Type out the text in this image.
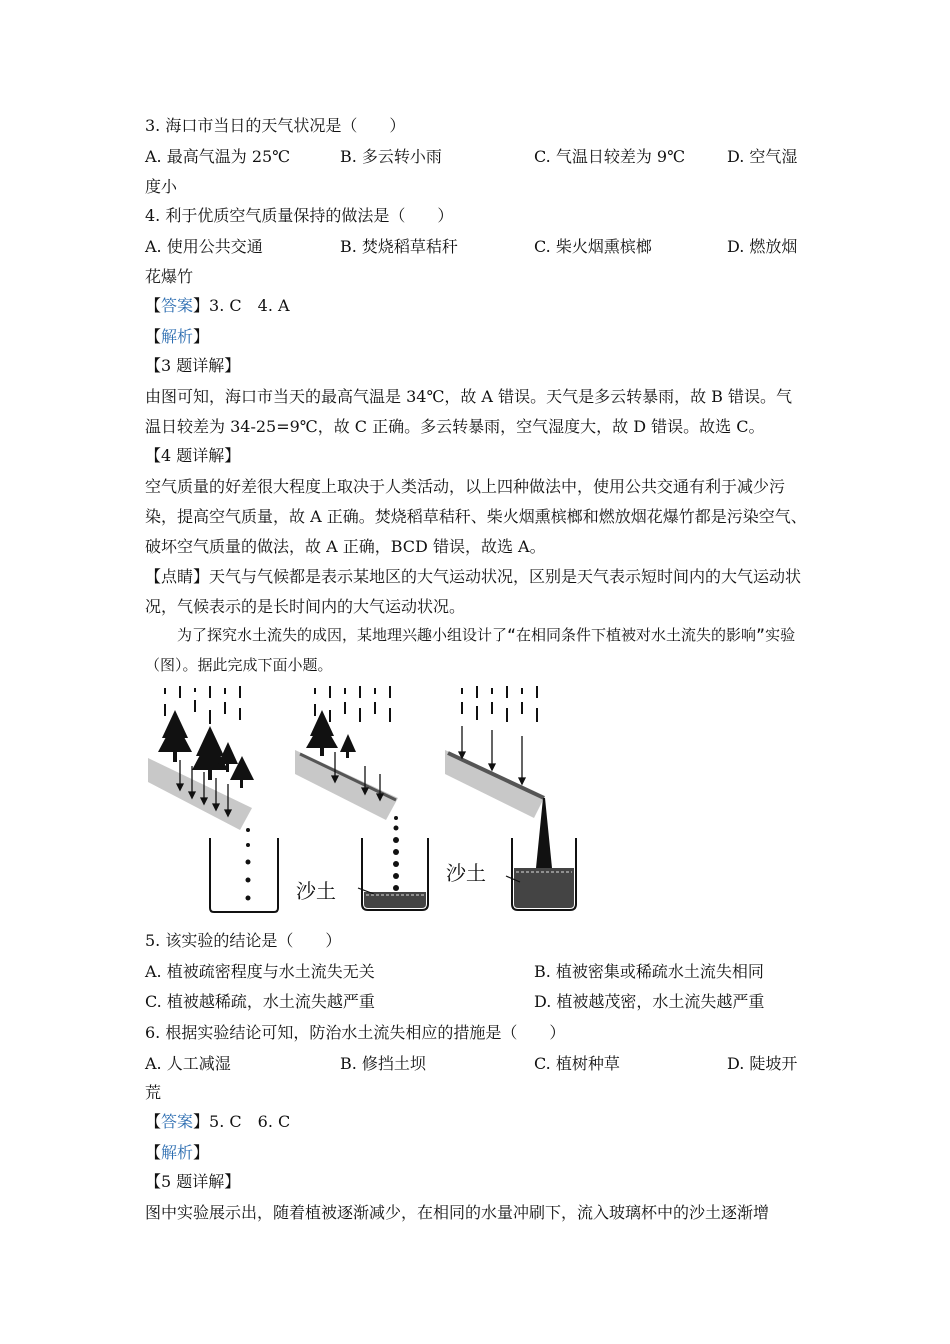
3. 海口市当日的天气状况是（　　）
A. 最高气温为 25℃	B. 多云转小雨	C. 气温日较差为 9℃	D. 空气湿
度小
4. 利于优质空气质量保持的做法是（　　）
A. 使用公共交通	B. 焚烧稻草秸秆	C. 柴火烟熏槟榔	D. 燃放烟
花爆竹
【答案】3. C　4. A
【解析】
【3 题详解】
由图可知，海口市当天的最高气温是 34℃，故 A 错误。天气是多云转暴雨，故 B 错误。气温日较差为 34-25=9℃，故 C 正确。多云转暴雨，空气湿度大，故 D 错误。故选 C。
【4 题详解】
空气质量的好差很大程度上取决于人类活动，以上四种做法中，使用公共交通有利于减少污染，提高空气质量，故 A 正确。焚烧稻草秸秆、柴火烟熏槟榔和燃放烟花爆竹都是污染空气、破坏空气质量的做法，故 A 正确，BCD 错误，故选 A。
【点睛】天气与气候都是表示某地区的大气运动状况，区别是天气表示短时间内的大气运动状况，气候表示的是长时间内的大气运动状况。
为了探究水土流失的成因，某地理兴趣小组设计了“在相同条件下植被对水土流失的影响”实验（图）。据此完成下面小题。
沙土
沙土
5. 该实验的结论是（　　）
A. 植被疏密程度与水土流失无关	B. 植被密集或稀疏水土流失相同
C. 植被越稀疏，水土流失越严重	D. 植被越茂密，水土流失越严重
6. 根据实验结论可知，防治水土流失相应的措施是（　　）
A. 人工减湿	B. 修挡土坝	C. 植树种草	D. 陡坡开
荒
【答案】5. C　6. C
【解析】
【5 题详解】
图中实验展示出，随着植被逐渐减少，在相同的水量冲刷下，流入玻璃杯中的沙土逐渐增
